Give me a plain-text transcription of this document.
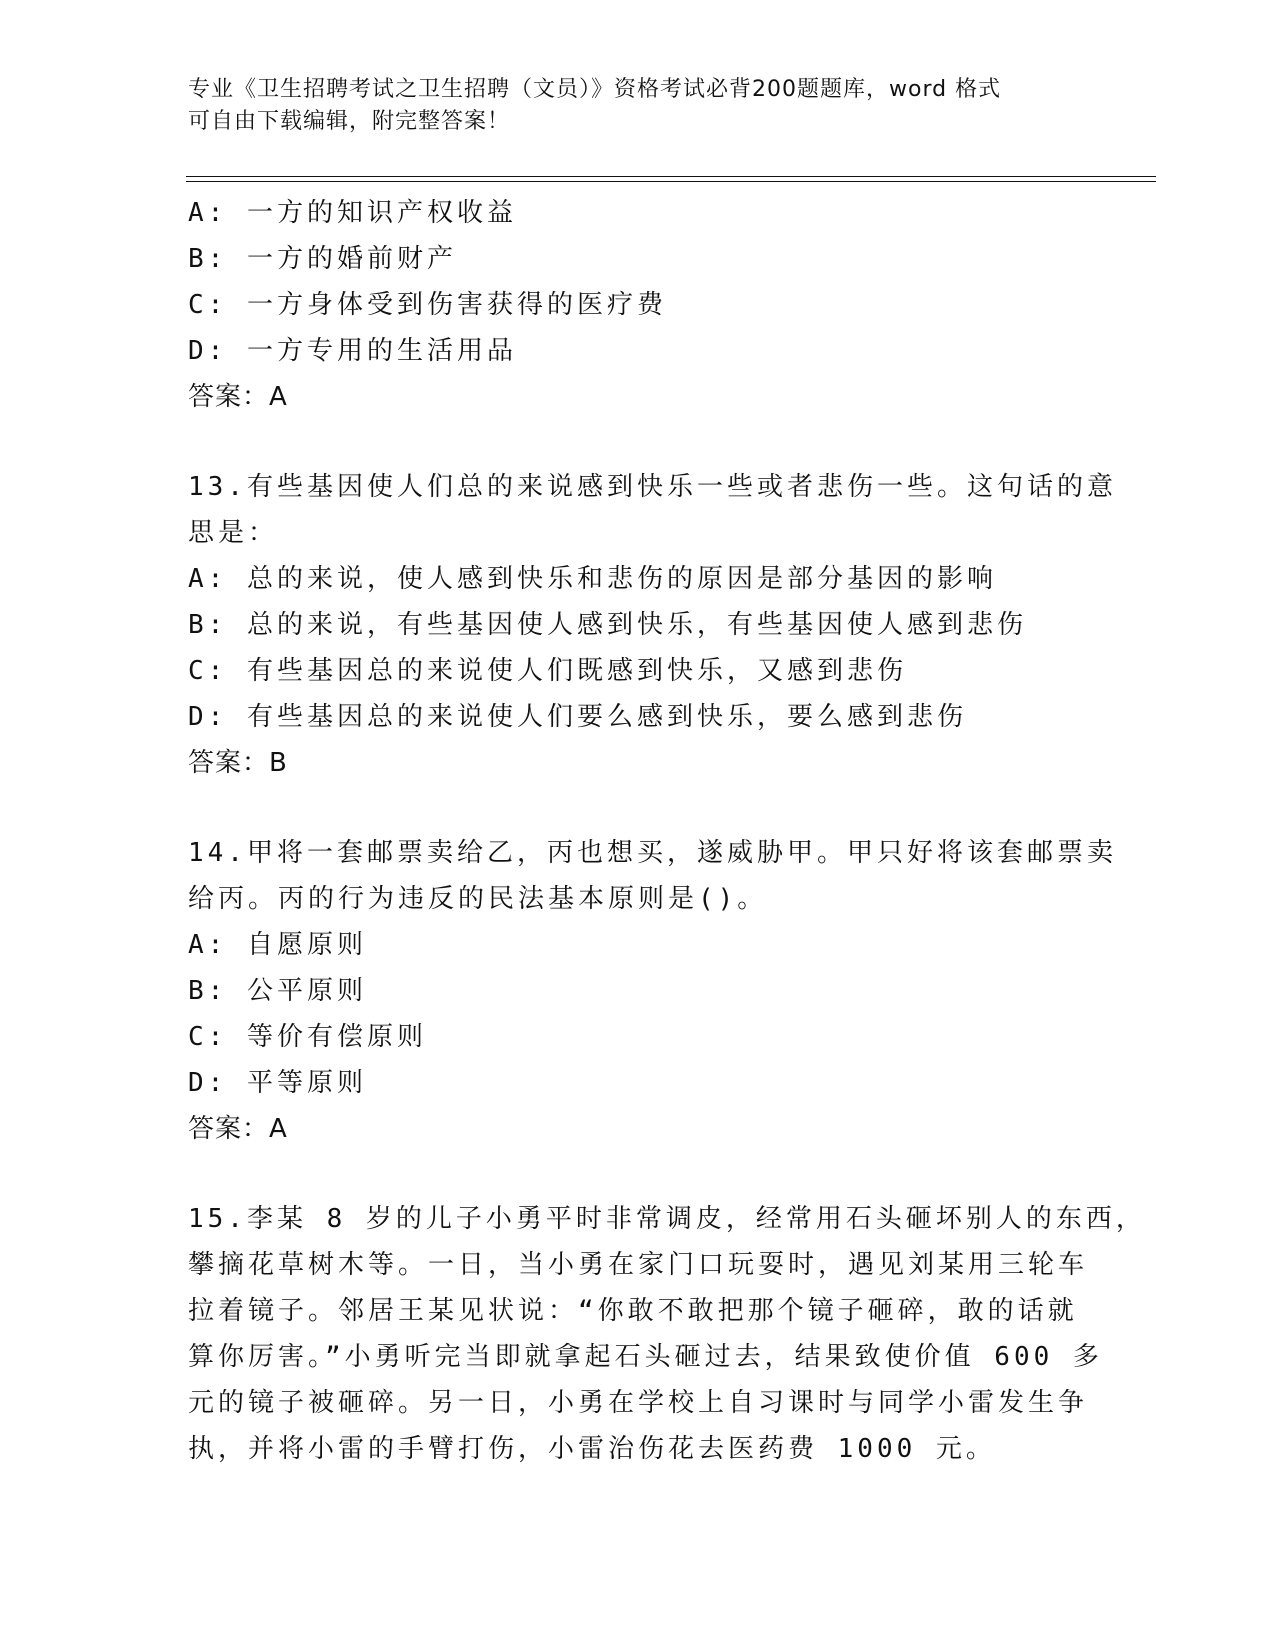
专业《卫生招聘考试之卫生招聘（文员）》资格考试必背200题题库，word 格式
可自由下载编辑，附完整答案！
A: 一方的知识产权收益
B: 一方的婚前财产
C: 一方身体受到伤害获得的医疗费
D: 一方专用的生活用品
答案：A
13.有些基因使人们总的来说感到快乐一些或者悲伤一些。这句话的意
思是：
A: 总的来说，使人感到快乐和悲伤的原因是部分基因的影响
B: 总的来说，有些基因使人感到快乐，有些基因使人感到悲伤
C: 有些基因总的来说使人们既感到快乐，又感到悲伤
D: 有些基因总的来说使人们要么感到快乐，要么感到悲伤
答案：B
14.甲将一套邮票卖给乙，丙也想买，遂威胁甲。甲只好将该套邮票卖
给丙。丙的行为违反的民法基本原则是()。
A: 自愿原则
B: 公平原则
C: 等价有偿原则
D: 平等原则
答案：A
15.李某 8 岁的儿子小勇平时非常调皮，经常用石头砸坏别人的东西，
攀摘花草树木等。一日，当小勇在家门口玩耍时，遇见刘某用三轮车
拉着镜子。邻居王某见状说：“你敢不敢把那个镜子砸碎，敢的话就
算你厉害。”小勇听完当即就拿起石头砸过去，结果致使价值 600 多
元的镜子被砸碎。另一日，小勇在学校上自习课时与同学小雷发生争
执，并将小雷的手臂打伤，小雷治伤花去医药费 1000 元。
